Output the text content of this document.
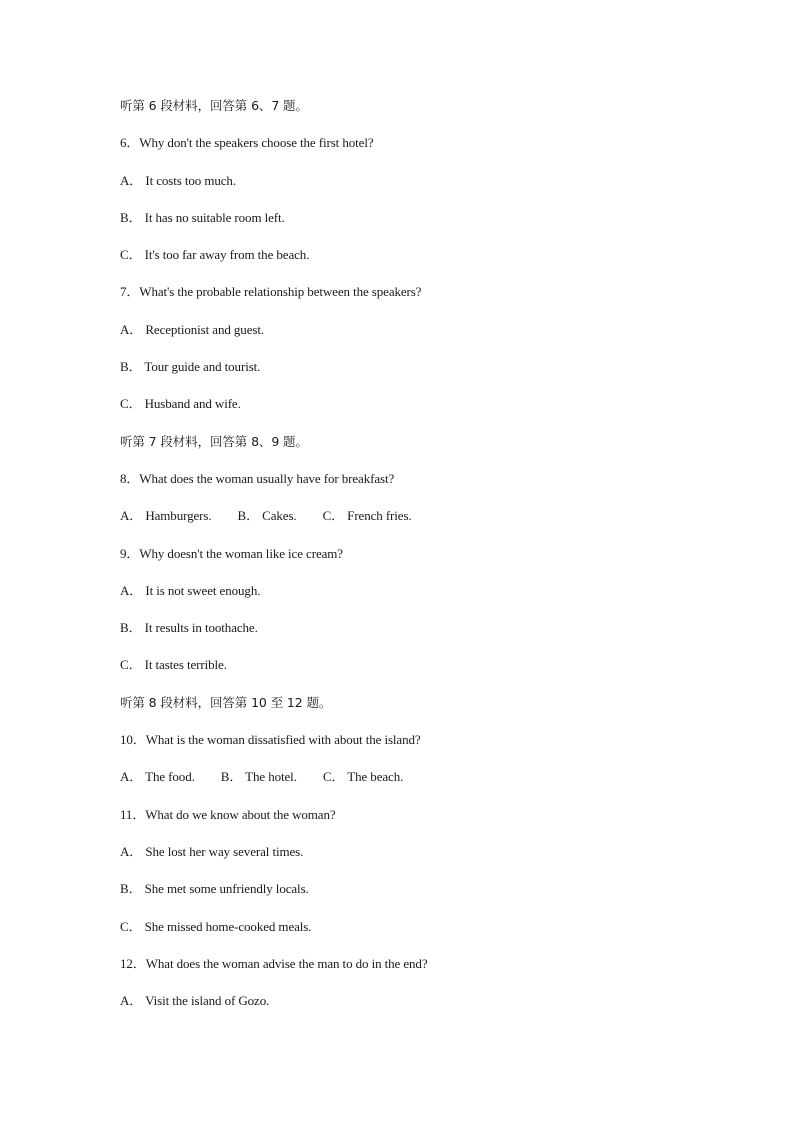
听第 6 段材料，回答第 6、7 题。
6．Why don't the speakers choose the first hotel?
A． It costs too much.
B． It has no suitable room left.
C． It's too far away from the beach.
7．What's the probable relationship between the speakers?
A． Receptionist and guest.
B． Tour guide and tourist.
C． Husband and wife.
听第 7 段材料，回答第 8、9 题。
8．What does the woman usually have for breakfast?
A． Hamburgers. B． Cakes. C． French fries.
9．Why doesn't the woman like ice cream?
A． It is not sweet enough.
B． It results in toothache.
C． It tastes terrible.
听第 8 段材料，回答第 10 至 12 题。
10．What is the woman dissatisfied with about the island?
A． The food. B． The hotel. C． The beach.
11．What do we know about the woman?
A． She lost her way several times.
B． She met some unfriendly locals.
C． She missed home-cooked meals.
12．What does the woman advise the man to do in the end?
A． Visit the island of Gozo.
